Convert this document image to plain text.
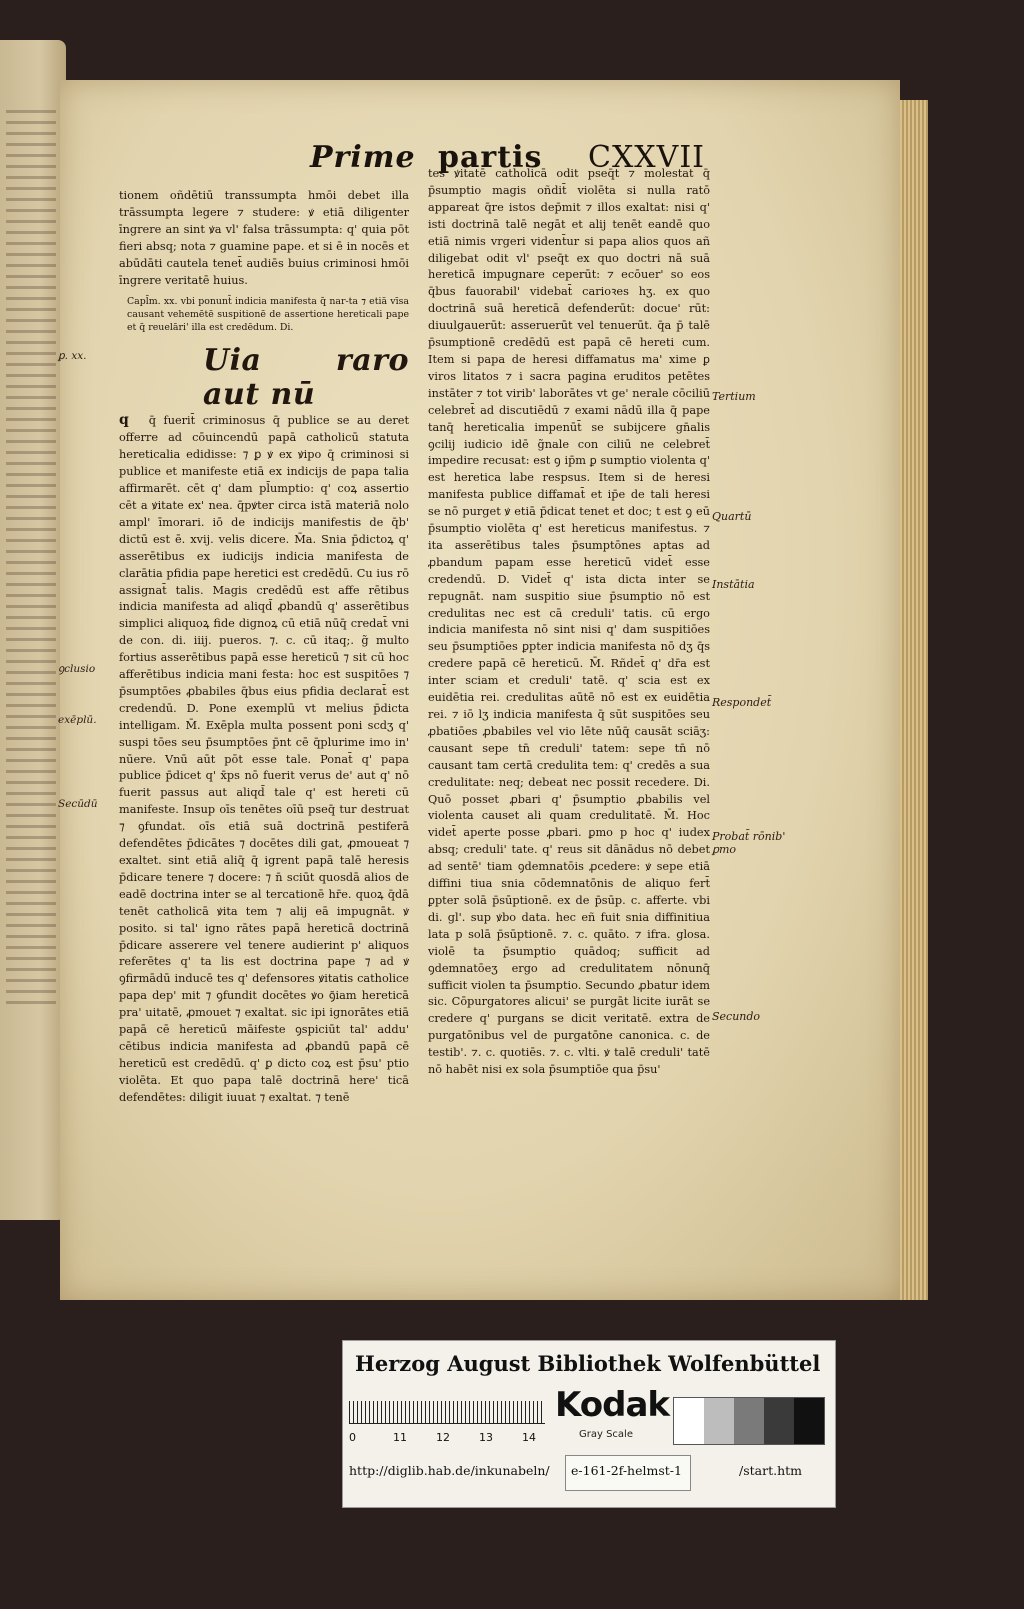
Prime partis CXXVII

tionem oñdētiū transsumpta hmōi debet illa trāssumpta legere ⁊ studere: ꝟ etiā diligenter īngrere an sint ꝟa vl' falsa trāssumpta: q' quia pōt fieri absq; nota ⁊ guamine pape. et si ē in nocēs et abūdāti cautela tenet̄ audiēs buius criminosi hmōi īngrere veritatē huius.

Capl̄m. xx. vbi ponunt̄ indicia manifesta q̄ nar-ta ⁊ etiā vīsa causant vehemētē suspitionē de assertione hereticali pape et q̄ reuelāri' illa est credēdum. Di.

Uia raro aut nū

q q̄ fuerit̄ criminosus q̄ publice se au deret offerre ad cōuincendū papā catholicū statuta hereticalia edidisse: ⁊ ꝑ ꝟ ex ꝟipo q̄ criminosi si publice et manifeste etiā ex indicijs de papa talia affirmarēt. cēt q' dam pl̄umptio: q' coꝝ assertio cēt a ꝟitate ex' nea. q̄pꝟter circa istā materiā nolo ampl' īmorari. iō de indicijs manifestis de q̄b' dictū est ē. xvij. velis dicere. M̄a. Snia p̄dictoꝝ q' asserētibus ex iudicijs indicia manifesta de clarātia pfidia pape heretici est credēdū. Cu ius rō assignat̄ talis. Magis credēdū est affe rētibus indicia manifesta ad aliqd̄ ꝓbandū q' asserētibus simplici aliquoꝝ fide dignoꝝ cū etiā nūq̄ credat̄ vni de con. di. iiij. pueros. ⁊. c. cū itaq;. g̃ multo fortius asserētibus papā esse hereticū ⁊ sit cū hoc afferētibus indicia mani festa: hoc est suspitōes ⁊ p̄sumptōes ꝓbabiles q̄bus eius pfidia declarat̄ est credendū. D. Pone exemplū vt melius p̄dicta intelligam. M̄. Exēpla multa possent poni scdʒ q' suspi tōes seu p̄sumptōes p̄nt cē q̄plurime imo in' nūere. Vnū aūt pōt esse tale. Ponat̄ q' papa publice p̄dicet q' x̄ps nō fuerit verus de' aut q' nō fuerit passus aut aliqd̄ tale q' est hereti cū manifeste. Insup oīs tenētes oīū pseq̄ tur destruat ⁊ ꝯfundat. oīs etiā suā doctrinā pestiferā defendētes p̄dicātes ⁊ docētes dili gat, ꝓmoueat ⁊ exaltet. sint etiā aliq̄ q̄ igrent papā talē heresis p̄dicare tenere ⁊ docere: ⁊ n̄ sciūt quosdā alios de eadē doctrina inter se al tercationē hr̄e. quoꝝ q̄dā tenēt catholicā ꝟita tem ⁊ alij eā impugnāt. ꝟ posito. si tal' igno rātes papā hereticā doctrinā p̄dicare asserere vel tenere audierint p' aliquos referētes q' ta lis est doctrina pape ⁊ ad ꝟ ꝯfirmādū inducē tes q' defensores ꝟitatis catholice papa dep' mit ⁊ ꝯfundit docētes ꝟo ꝯ̄iam hereticā pra' uitatē, ꝓmouet ⁊ exaltat. sic ipi ignorātes etiā papā cē hereticū māifeste ꝯspiciūt tal' addu' cētibus indicia manifesta ad ꝓbandū papā cē hereticū est credēdū. q' ꝑ dicto coꝝ est p̄su' ptio violēta. Et quo papa talē doctrinā here' ticā defendētes: diligit iuuat ⁊ exaltat. ⁊ tenē

tes ꝟitatē catholicā odit pseq̄t ⁊ molestat q̄ p̄sumptio magis oñdit̄ violēta si nulla ratō appareat q̄re istos dep̄mit ⁊ illos exaltat: nisi q' isti doctrinā talē negāt et alij tenēt eandē quo etiā nimis vrgeri vident̄ur si papa alios quos añ diligebat odit vl' pseq̄t ex quo doctri nā suā hereticā impugnare ceperūt: ⁊ ecōuer' so eos q̄bus fauorabil' videbat̄ carioꝛes hʒ. ex quo doctrinā suā hereticā defenderūt: docue' rūt: diuulgauerūt: asseruerūt vel tenuerūt. q̄a p̄ talē p̄sumptionē credēdū est papā cē hereti cum. Item si papa de heresi diffamatus ma' xime ꝑ viros litatos ⁊ i sacra pagina eruditos petētes instāter ⁊ tot virib' laborātes vt ge' nerale cōciliū celebret̄ ad discutiēdū ⁊ exami nādū illa q̄ pape tanq̄ hereticalia impenūt̄ se subijcere gn̄alis ꝯcilij iudicio idē g̃nale con ciliū ne celebret̄ impedire recusat: est ꝯ ip̄m ꝑ sumptio violenta q' est heretica labe respsus. Item si de heresi manifesta publice diffamat̄ et ip̄e de tali heresi se nō purget ꝟ etiā p̄dicat tenet et doc; t est ꝯ eū p̄sumptio violēta q' est hereticus manifestus. ⁊ ita asserētibus tales p̄sumptōnes aptas ad ꝓbandum papam esse hereticū videt̄ esse credendū. D. Videt̄ q' ista dicta inter se repugnāt. nam suspitio siue p̄sumptio nō est credulitas nec est cā creduli' tatis. cū ergo indicia manifesta nō sint nisi q' dam suspitiōes seu p̄sumptiōes ꝑpter indicia manifesta nō dʒ q̄s credere papā cē hereticū. M̄. Rñdet̄ q' dr̄a est inter sciam et creduli' tatē. q' scia est ex euidētia rei. credulitas aūtē nō est ex euidētia rei. ⁊ iō lʒ indicia manifesta q̄ sūt suspitōes seu ꝓbatiōes ꝓbabiles vel vio lēte nūq̄ causāt sciāʒ: causant sepe tn̄ creduli' tatem: sepe tn̄ nō causant tam certā credulita tem: q' credēs a sua credulitate: neq; debeat nec possit recedere. Di. Quō posset ꝓbari q' p̄sumptio ꝓbabilis vel violenta causet ali quam credulitatē. M̄. Hoc videt̄ aperte posse ꝓbari. ꝑmo p hoc q' iudex absq; creduli' tate. q' reus sit dānādus nō debet ad sentē' tiam ꝯdemnatōis ꝓcedere: ꝟ sepe etiā diffini tiua snia cōdemnatōnis de aliquo fert̄ ꝑpter solā p̄sūptionē. ex de p̄sūp. c. afferte. vbi di. gl'. sup ꝟbo data. hec eñ fuit snia diffinitiua lata p solā p̄sūptionē. ⁊. c. quāto. ⁊ ifra. glosa. violē ta p̄sumptio quādoq; sufficit ad ꝯdemnatōeʒ ergo ad credulitatem nōnunq̄ sufficit violen ta p̄sumptio. Secundo ꝓbatur idem sic. Cōpurgatores alicui' se purgāt licite iurāt se credere q' purgans se dicit veritatē. extra de purgatōnibus vel de purgatōne canonica. c. de testib'. ⁊. c. quotiēs. ⁊. c. vlti. ꝟ talē creduli' tatē nō habēt nisi ex sola p̄sumptiōe qua p̄su'

ꝑ. xx.
ꝯclusio
exēplū.
Secūdū
Tertium
Quartū
Instātia
Respondet̄
Probat̄ rōnib' ꝑmo
Secundo
Herzog August Bibliothek Wolfenbüttel
0	11	12	13	14
Kodak
Gray Scale
http://diglib.hab.de/inkunabeln/ e-161-2f-helmst-1	/start.htm
